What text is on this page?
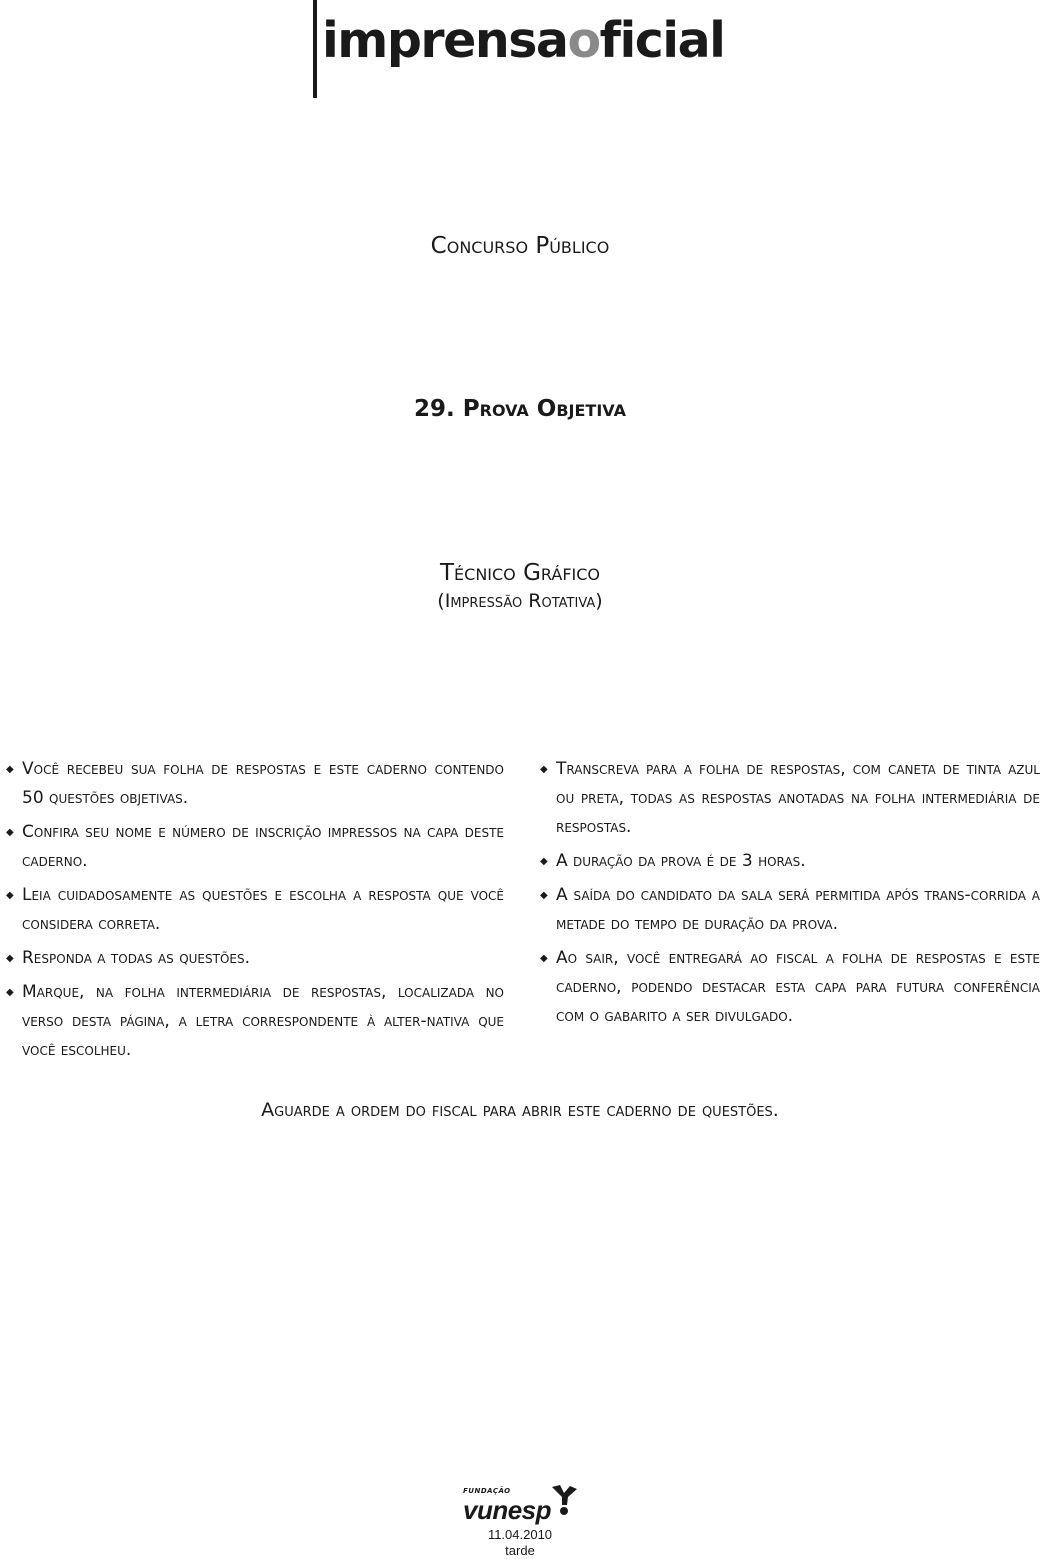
imprensaoficial
Concurso Público
29. Prova Objetiva
Técnico Gráfico
(Impressão Rotativa)
◆ Você recebeu sua folha de respostas e este caderno contendo 50 questões objetivas.
◆ Confira seu nome e número de inscrição impressos na capa deste caderno.
◆ Leia cuidadosamente as questões e escolha a resposta que você considera correta.
◆ Responda a todas as questões.
◆ Marque, na folha intermediária de respostas, localizada no verso desta página, a letra correspondente à alter-nativa que você escolheu.
◆ Transcreva para a folha de respostas, com caneta de tinta azul ou preta, todas as respostas anotadas na folha intermediária de respostas.
◆ A duração da prova é de 3 horas.
◆ A saída do candidato da sala será permitida após trans-corrida a metade do tempo de duração da prova.
◆ Ao sair, você entregará ao fiscal a folha de respostas e este caderno, podendo destacar esta capa para futura conferência com o gabarito a ser divulgado.
Aguarde a ordem do fiscal para abrir este caderno de questões.
FUNDAÇÃO
vunesp
11.04.2010
tarde
